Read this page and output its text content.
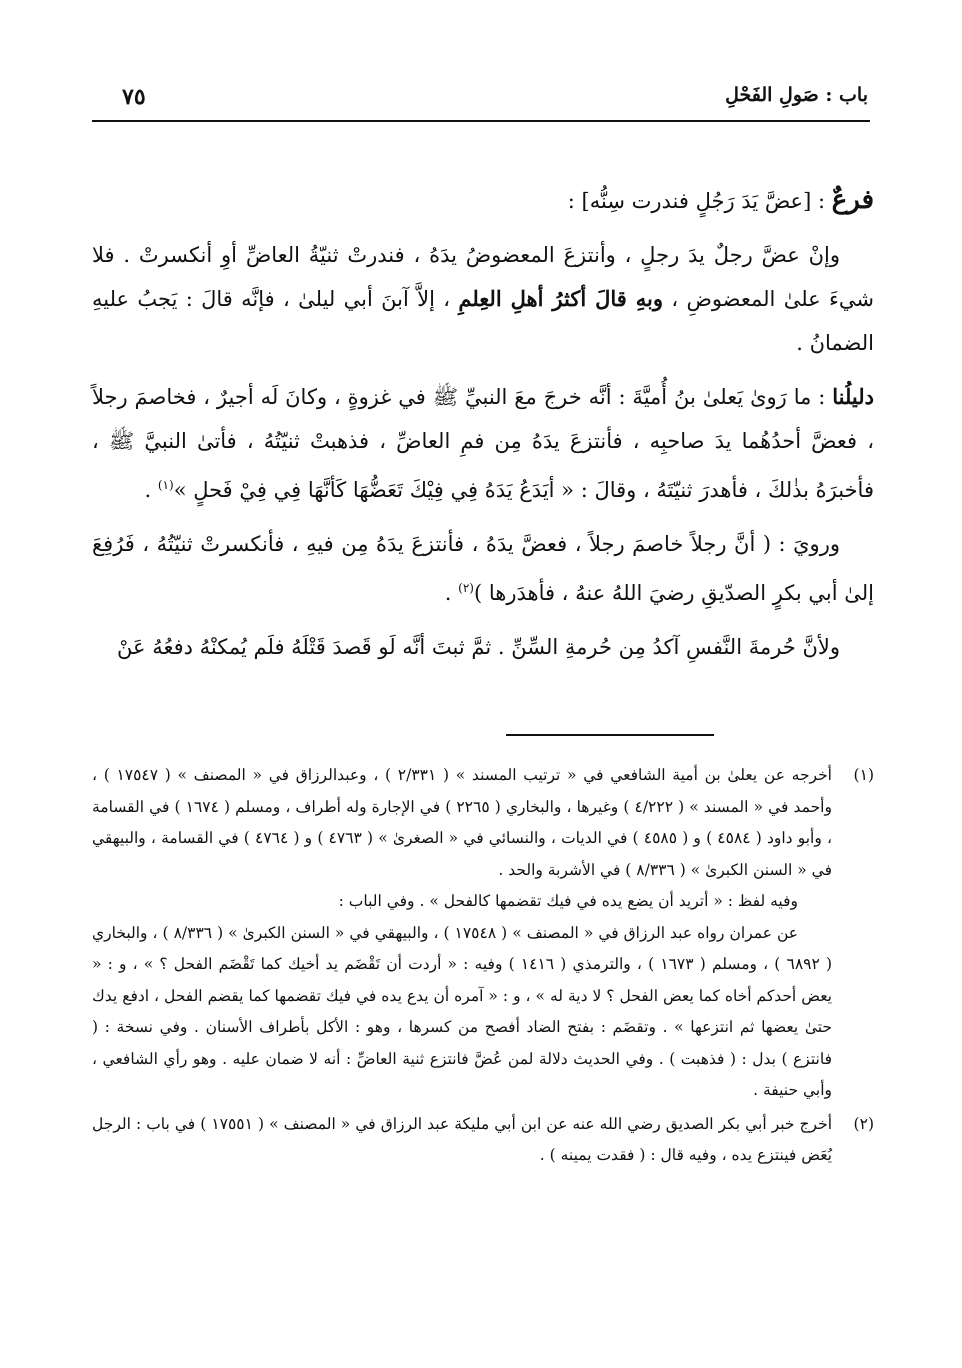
باب : صَولِ الفَحْلِ
٧٥

فرعٌ : [عضَّ يَدَ رَجُلٍ فندرت سِنُّه] :

وإنْ عضَّ رجلٌ يدَ رجلٍ ، وأنتزعَ المعضوضُ يدَهُ ، فندرتْ ثنيّةُ العاضِّ أوِ أنكسرتْ . فلا شيءَ علىٰ المعضوضِ ، وبهِ قالَ أكثرُ أهلِ العِلمِ ، إلاَّ آبنَ أبي ليلىٰ ، فإنَّه قالَ : يَجبُ عليهِ الضمانُ .

دليلُنا : ما رَوىٰ يَعلىٰ بنُ أُميَّةَ : أنَّه خرجَ معَ النبيِّ ﷺ في غزوةٍ ، وكانَ لَه أجيرٌ ، فخاصمَ رجلاً ، فعضَّ أحدُهُما يدَ صاحبِه ، فأنتزعَ يدَهُ مِن فمِ العاضِّ ، فذهبتْ ثنيّتُهُ ، فأتىٰ النبيَّ ﷺ ، فأخبرَهُ بذٰلكَ ، فأهدرَ ثنيّتَهُ ، وقالَ : « أيَدَعُ يَدَهُ فِي فِيْكَ تَعَضُّهَا كَأنَّهَا فِي فِيْ فَحلٍ »$^{(١)}$ .

ورويَ : ( أنَّ رجلاً خاصمَ رجلاً ، فعضَّ يدَهُ ، فأنتزعَ يدَهُ مِن فيهِ ، فأنكسرتْ ثنيّتُهُ ، فَرُفِعَ إلىٰ أبي بكرٍ الصدّيقِ رضيَ اللهُ عنهُ ، فأهدَرها )$^{(٢)}$ .

ولأنَّ حُرمةَ النَّفسِ آكدُ مِن حُرمةِ السِّنِّ . ثمَّ ثبتَ أنَّه لَو قَصدَ قَتْلَهُ فلَم يُمكنْهُ دفعُهُ عَنْ

(١)

أخرجه عن يعلىٰ بن أمية الشافعي في « ترتيب المسند » ( ٢/٣٣١ ) ، وعبدالرزاق في « المصنف » ( ١٧٥٤٧ ) ، وأحمد في « المسند » ( ٤/٢٢٢ ) وغيرها ، والبخاري ( ٢٢٦٥ ) في الإجارة وله أطراف ، ومسلم ( ١٦٧٤ ) في القسامة ، وأبو داود ( ٤٥٨٤ ) و ( ٤٥٨٥ ) في الديات ، والنسائي في « الصغرىٰ » ( ٤٧٦٣ ) و ( ٤٧٦٤ ) في القسامة ، والبيهقي في « السنن الكبرىٰ » ( ٨/٣٣٦ ) في الأشربة والحد .

وفيه لفظ : « أتريد أن يضع يده في فيك تقضمها كالفحل » . وفي الباب :

عن عمران رواه عبد الرزاق في « المصنف » ( ١٧٥٤٨ ) ، والبيهقي في « السنن الكبرىٰ » ( ٨/٣٣٦ ) ، والبخاري ( ٦٨٩٢ ) ، ومسلم ( ١٦٧٣ ) ، والترمذي ( ١٤١٦ ) وفيه : « أردت أن تَقْضَم يد أخيك كما تَقْضَم الفحل ؟ » ، و : « يعض أحدكم أخاه كما يعض الفحل ؟ لا دية له » ، و : « آمره أن يدع يده في فيك تقضمها كما يقضم الفحل ، ادفع يدك حتىٰ يعضها ثم انتزعها » . وتقضَم : بفتح الضاد أفصح من كسرها ، وهو : الأكل بأطراف الأسنان . وفي نسخة : ( فانتزع ) بدل : ( فذهبت ) . وفي الحديث دلالة لمن عُضَّ فانتزع ثنية العاضِّ : أنه لا ضمان عليه . وهو رأي الشافعي ، وأبي حنيفة .

(٢)

أخرج خبر أبي بكر الصديق رضي الله عنه عن ابن أبي مليكة عبد الرزاق في « المصنف » ( ١٧٥٥١ ) في باب : الرجل يُعَض فينتزع يده ، وفيه قال : ( فقدت يمينه ) .
